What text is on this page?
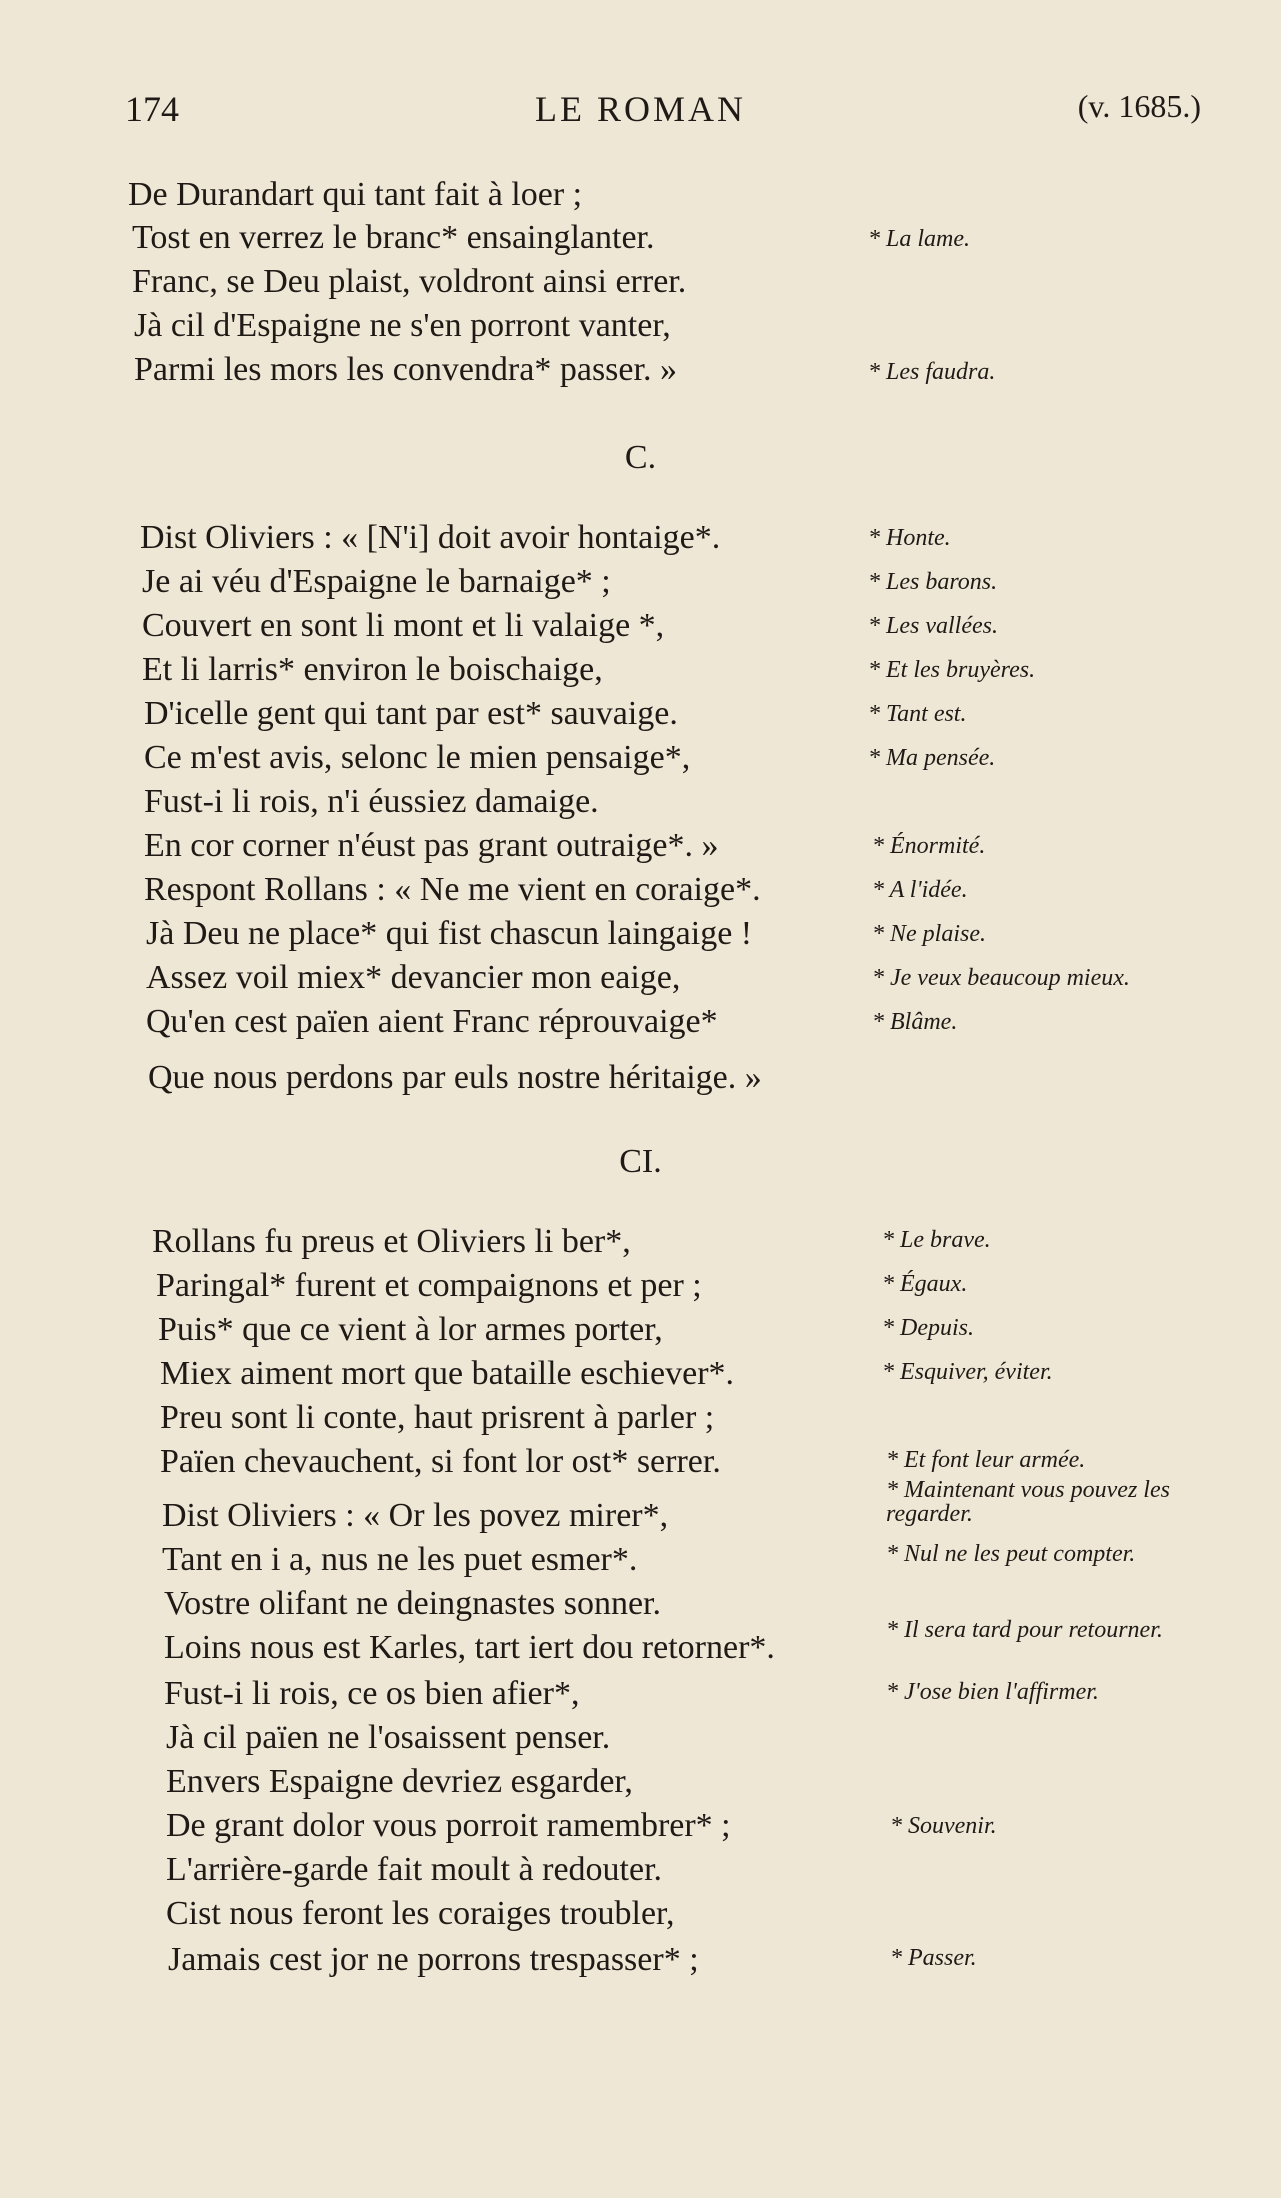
174	LE ROMAN	(v. 1685.)
De Durandart qui tant fait à loer ;
Tost en verrez le branc* ensainglanter.
Franc, se Deu plaist, voldront ainsi errer.
Jà cil d'Espaigne ne s'en porront vanter,
Parmi les mors les convendra* passer. »
* La lame.
* Les faudra.
C.
Dist Oliviers : « [N'i] doit avoir hontaige*.
Je ai véu d'Espaigne le barnaige* ;
Couvert en sont li mont et li valaige *,
Et li larris* environ le boischaige,
D'icelle gent qui tant par est* sauvaige.
Ce m'est avis, selonc le mien pensaige*,
Fust-i li rois, n'i éussiez damaige.
En cor corner n'éust pas grant outraige*. »
Respont Rollans : « Ne me vient en coraige*.
Jà Deu ne place* qui fist chascun laingaige !
Assez voil miex* devancier mon eaige,
Qu'en cest païen aient Franc réprouvaige*
Que nous perdons par euls nostre héritaige. »
* Honte.
* Les barons.
* Les vallées.
* Et les bruyères.
* Tant est.
* Ma pensée.
* Énormité.
* A l'idée.
* Ne plaise.
* Je veux beaucoup mieux.
* Blâme.
CI.
Rollans fu preus et Oliviers li ber*,
Paringal* furent et compaignons et per ;
Puis* que ce vient à lor armes porter,
Miex aiment mort que bataille eschiever*.
Preu sont li conte, haut prisrent à parler ;
Païen chevauchent, si font lor ost* serrer.
Dist Oliviers : « Or les povez mirer*,
Tant en i a, nus ne les puet esmer*.
Vostre olifant ne deingnastes sonner.
Loins nous est Karles, tart iert dou retorner*.
Fust-i li rois, ce os bien afier*,
Jà cil païen ne l'osaissent penser.
Envers Espaigne devriez esgarder,
De grant dolor vous porroit ramembrer* ;
L'arrière-garde fait moult à redouter.
Cist nous feront les coraiges troubler,
Jamais cest jor ne porrons trespasser* ;
* Le brave.
* Égaux.
* Depuis.
* Esquiver, éviter.
* Et font leur armée.
* Maintenant vous pouvez les regarder.
* Nul ne les peut compter.
* Il sera tard pour retourner.
* J'ose bien l'affirmer.
* Souvenir.
* Passer.
